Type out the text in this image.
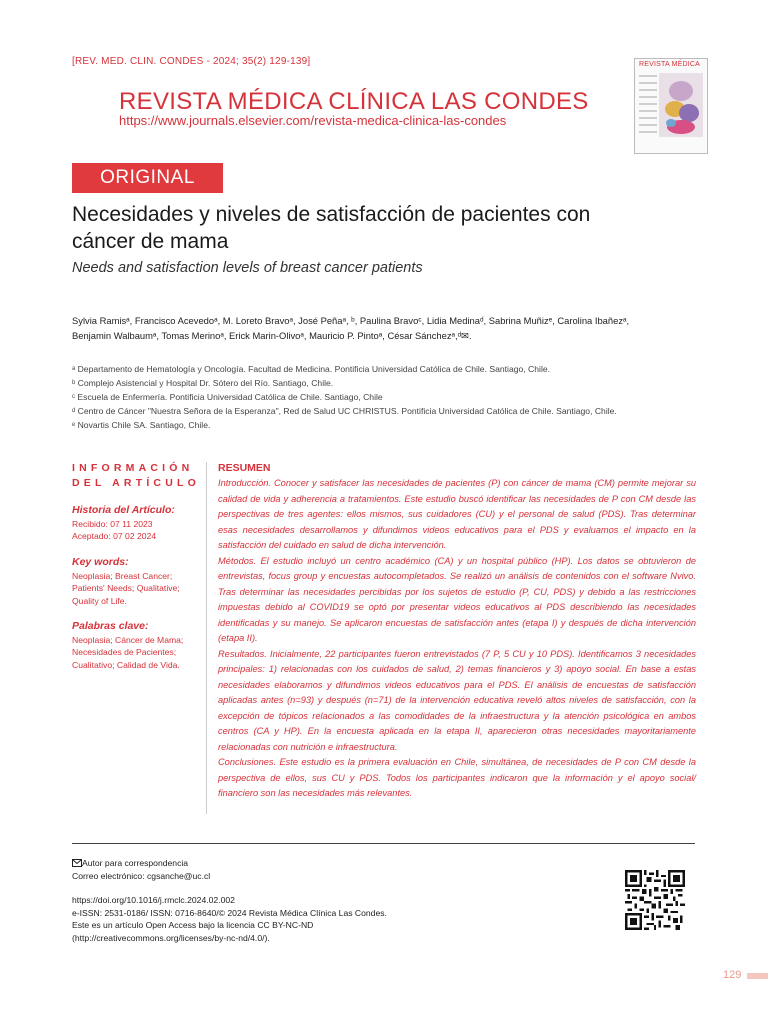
[REV. MED. CLIN. CONDES - 2024; 35(2) 129-139]
REVISTA MÉDICA CLÍNICA LAS CONDES
https://www.journals.elsevier.com/revista-medica-clinica-las-condes
REVISTA MÉDICA
ORIGINAL
Necesidades y niveles de satisfacción de pacientes con
cáncer de mama
Needs and satisfaction levels of breast cancer patients
Sylvia Ramisᵃ, Francisco Acevedoᵃ, M. Loreto Bravoᵃ, José Peñaᵃ, ᵇ, Paulina Bravoᶜ, Lidia Medinaᵈ, Sabrina Muñizᵉ, Carolina Ibañezᵃ,
Benjamin Walbaumᵃ, Tomas Merinoᵃ, Erick Marin-Olivoᵃ, Mauricio P. Pintoᵃ, César Sánchezᵃ,ᵈ✉.
ᵃ Departamento de Hematología y Oncología. Facultad de Medicina. Pontificia Universidad Católica de Chile. Santiago, Chile.
ᵇ Complejo Asistencial y Hospital Dr. Sótero del Río. Santiago, Chile.
ᶜ Escuela de Enfermería. Pontificia Universidad Católica de Chile. Santiago, Chile
ᵈ Centro de Cáncer "Nuestra Señora de la Esperanza", Red de Salud UC CHRISTUS. Pontificia Universidad Católica de Chile. Santiago, Chile.
ᵉ Novartis Chile SA. Santiago, Chile.
INFORMACIÓN
DEL ARTÍCULO
Historia del Artículo:
Recibido: 07 11 2023
Aceptado: 07 02 2024
Key words:
Neoplasia; Breast Cancer;
Patients' Needs; Qualitative;
Quality of Life.
Palabras clave:
Neoplasia; Cáncer de Mama;
Necesidades de Pacientes;
Cualitativo; Calidad de Vida.
RESUMEN

Introducción. Conocer y satisfacer las necesidades de pacientes (P) con cáncer de mama (CM) permite mejorar su calidad de vida y adherencia a tratamientos. Este estudio buscó identificar las necesidades de P con CM desde las perspectivas de tres agentes: ellos mismos, sus cuidadores (CU) y el personal de salud (PDS). Tras determinar esas necesidades desarrollamos y difundimos videos educativos para el PDS y evaluamos el impacto en la satisfacción del cuidado en salud de dicha intervención.

Métodos. El estudio incluyó un centro académico (CA) y un hospital público (HP). Los datos se obtuvieron de entrevistas, focus group y encuestas autocompletados. Se realizó un análisis de contenidos con el software Nvivo. Tras determinar las necesidades percibidas por los sujetos de estudio (P, CU, PDS) y debido a las restricciones impuestas debido al COVID19 se optó por presentar videos educativos al PDS describiendo las necesidades identificadas y su manejo. Se aplicaron encuestas de satisfacción antes (etapa I) y después de dicha intervención (etapa II).

Resultados. Inicialmente, 22 participantes fueron entrevistados (7 P, 5 CU y 10 PDS). Identificamos 3 necesidades principales: 1) relacionadas con los cuidados de salud, 2) temas financieros y 3) apoyo social. En base a estas necesidades elaboramos y difundimos videos educativos para el PDS. El análisis de encuestas de satisfacción aplicadas antes (n=93) y después (n=71) de la intervención educativa reveló altos niveles de satisfacción, con la excepción de tópicos relacionados a las comodidades de la infraestructura y la atención psicológica en ambos centros (CA y HP). En la encuesta aplicada en la etapa II, aparecieron otras necesidades mayoritariamente relacionadas con nutrición e infraestructura.

Conclusiones. Este estudio es la primera evaluación en Chile, simultánea, de necesidades de P con CM desde la perspectiva de ellos, sus CU y PDS. Todos los participantes indicaron que la información y el apoyo social/ financiero son las necesidades más relevantes.

Autor para correspondencia
Correo electrónico: cgsanche@uc.cl
https://doi.org/10.1016/j.rmclc.2024.02.002
e-ISSN: 2531-0186/ ISSN: 0716-8640/© 2024 Revista Médica Clínica Las Condes.
Este es un artículo Open Access bajo la licencia CC BY-NC-ND
(http://creativecommons.org/licenses/by-nc-nd/4.0/).
129
